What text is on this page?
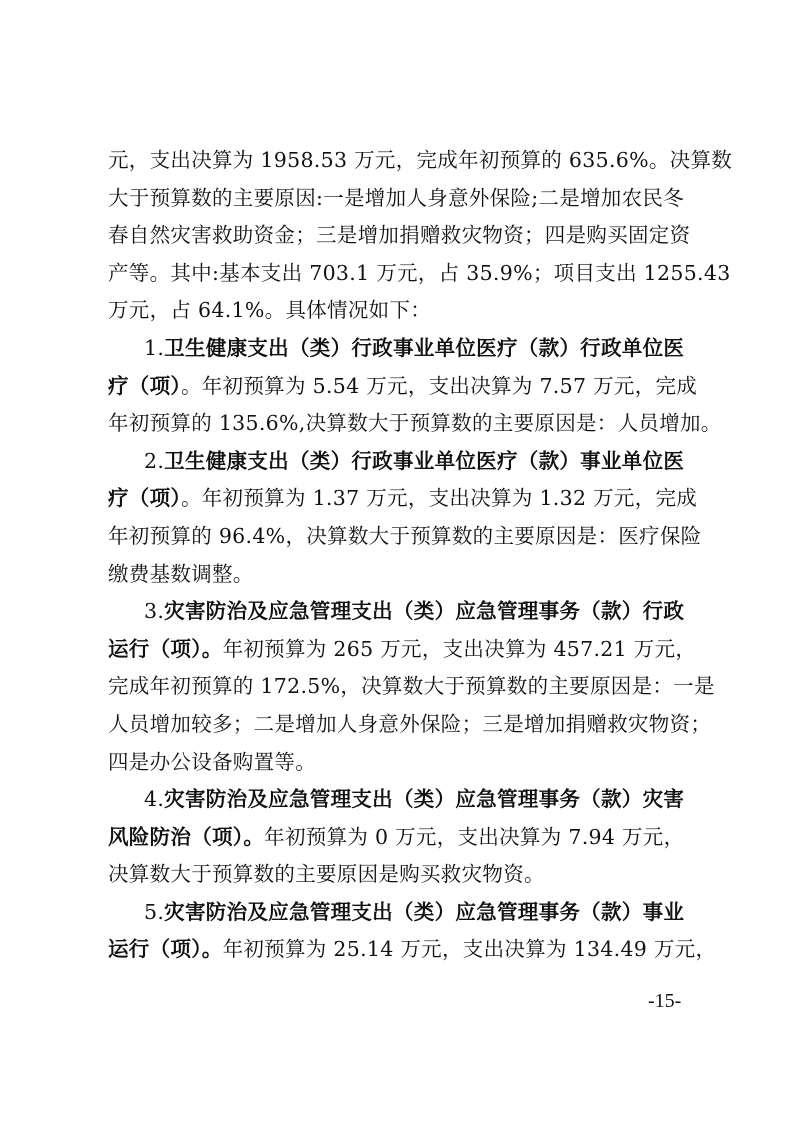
元，支出决算为 1958.53 万元，完成年初预算的 635.6%。决算数
大于预算数的主要原因:一是增加人身意外保险;二是增加农民冬
春自然灾害救助资金；三是增加捐赠救灾物资；四是购买固定资
产等。其中:基本支出 703.1 万元，占 35.9%；项目支出 1255.43
万元，占 64.1%。具体情况如下：
1.卫生健康支出（类）行政事业单位医疗（款）行政单位医
疗（项）。年初预算为 5.54 万元，支出决算为 7.57 万元，完成
年初预算的 135.6%,决算数大于预算数的主要原因是：人员增加。
2.卫生健康支出（类）行政事业单位医疗（款）事业单位医
疗（项）。年初预算为 1.37 万元，支出决算为 1.32 万元，完成
年初预算的 96.4%，决算数大于预算数的主要原因是：医疗保险
缴费基数调整。
3.灾害防治及应急管理支出（类）应急管理事务（款）行政
运行（项）。年初预算为 265 万元，支出决算为 457.21 万元，
完成年初预算的 172.5%，决算数大于预算数的主要原因是：一是
人员增加较多；二是增加人身意外保险；三是增加捐赠救灾物资；
四是办公设备购置等。
4.灾害防治及应急管理支出（类）应急管理事务（款）灾害
风险防治（项）。年初预算为 0 万元，支出决算为 7.94 万元，
决算数大于预算数的主要原因是购买救灾物资。
5.灾害防治及应急管理支出（类）应急管理事务（款）事业
运行（项）。年初预算为 25.14 万元，支出决算为 134.49 万元，
-15-
